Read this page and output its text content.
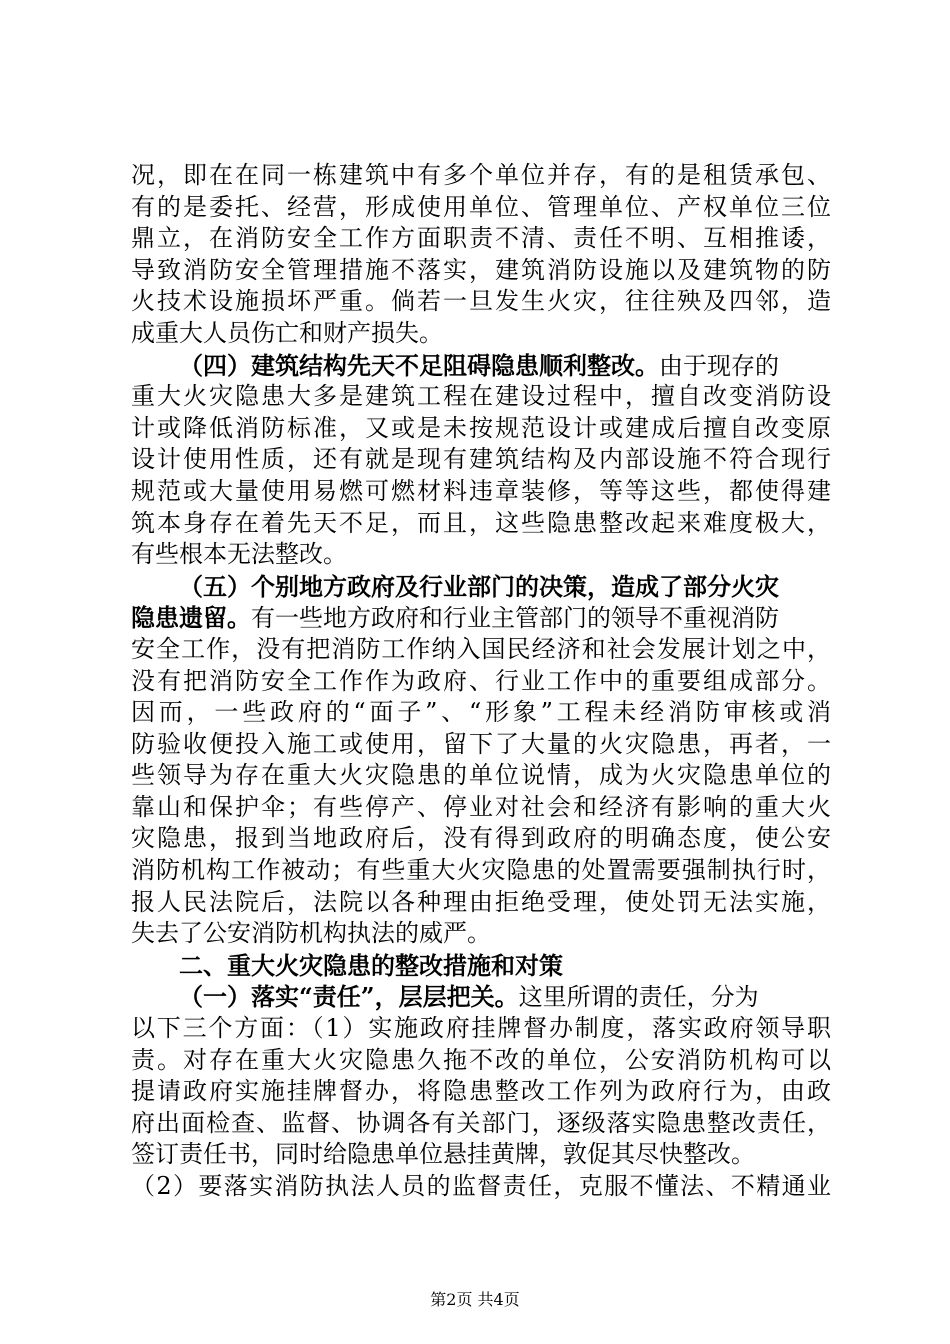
况，即在在同一栋建筑中有多个单位并存，有的是租赁承包、
有的是委托、经营，形成使用单位、管理单位、产权单位三位
鼎立，在消防安全工作方面职责不清、责任不明、互相推诿，
导致消防安全管理措施不落实，建筑消防设施以及建筑物的防
火技术设施损坏严重。倘若一旦发生火灾，往往殃及四邻，造
成重大人员伤亡和财产损失。
（四）建筑结构先天不足阻碍隐患顺利整改。由于现存的
重大火灾隐患大多是建筑工程在建设过程中，擅自改变消防设
计或降低消防标准，又或是未按规范设计或建成后擅自改变原
设计使用性质，还有就是现有建筑结构及内部设施不符合现行
规范或大量使用易燃可燃材料违章装修，等等这些，都使得建
筑本身存在着先天不足，而且，这些隐患整改起来难度极大，
有些根本无法整改。
（五）个别地方政府及行业部门的决策，造成了部分火灾
隐患遗留。有一些地方政府和行业主管部门的领导不重视消防
安全工作，没有把消防工作纳入国民经济和社会发展计划之中，
没有把消防安全工作作为政府、行业工作中的重要组成部分。
因而，一些政府的“面子”、“形象”工程未经消防审核或消
防验收便投入施工或使用，留下了大量的火灾隐患，再者，一
些领导为存在重大火灾隐患的单位说情，成为火灾隐患单位的
靠山和保护伞；有些停产、停业对社会和经济有影响的重大火
灾隐患，报到当地政府后，没有得到政府的明确态度，使公安
消防机构工作被动；有些重大火灾隐患的处置需要强制执行时，
报人民法院后，法院以各种理由拒绝受理，使处罚无法实施，
失去了公安消防机构执法的威严。
二、重大火灾隐患的整改措施和对策
（一）落实“责任”，层层把关。这里所谓的责任，分为
以下三个方面：（1）实施政府挂牌督办制度，落实政府领导职
责。对存在重大火灾隐患久拖不改的单位，公安消防机构可以
提请政府实施挂牌督办，将隐患整改工作列为政府行为，由政
府出面检查、监督、协调各有关部门，逐级落实隐患整改责任，
签订责任书，同时给隐患单位悬挂黄牌，敦促其尽快整改。
（2）要落实消防执法人员的监督责任，克服不懂法、不精通业
第2页 共4页
